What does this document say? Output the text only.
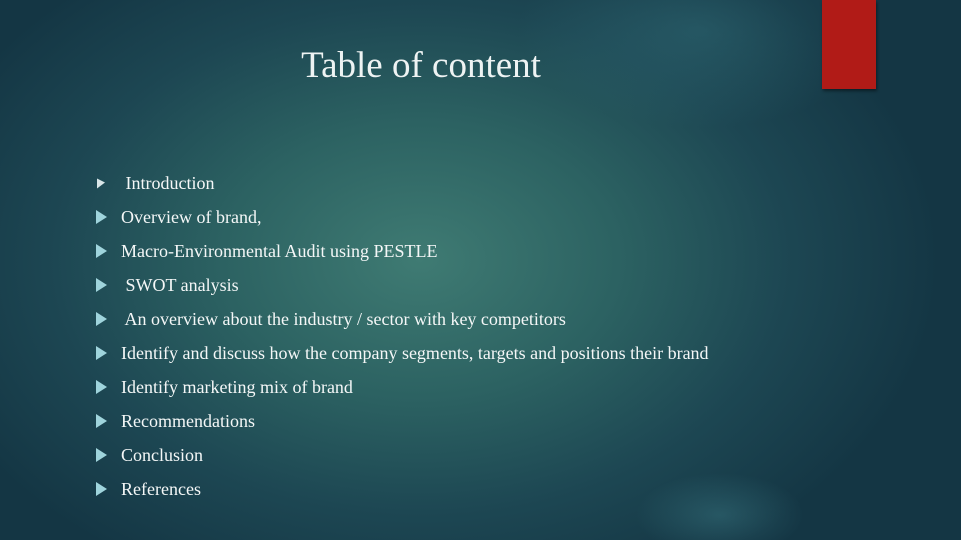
Table of content
Introduction
Overview of brand,
Macro-Environmental Audit using PESTLE
SWOT analysis
An overview about the industry / sector with key competitors
Identify and discuss how the company segments, targets and positions their brand
Identify marketing mix of brand
Recommendations
Conclusion
References
